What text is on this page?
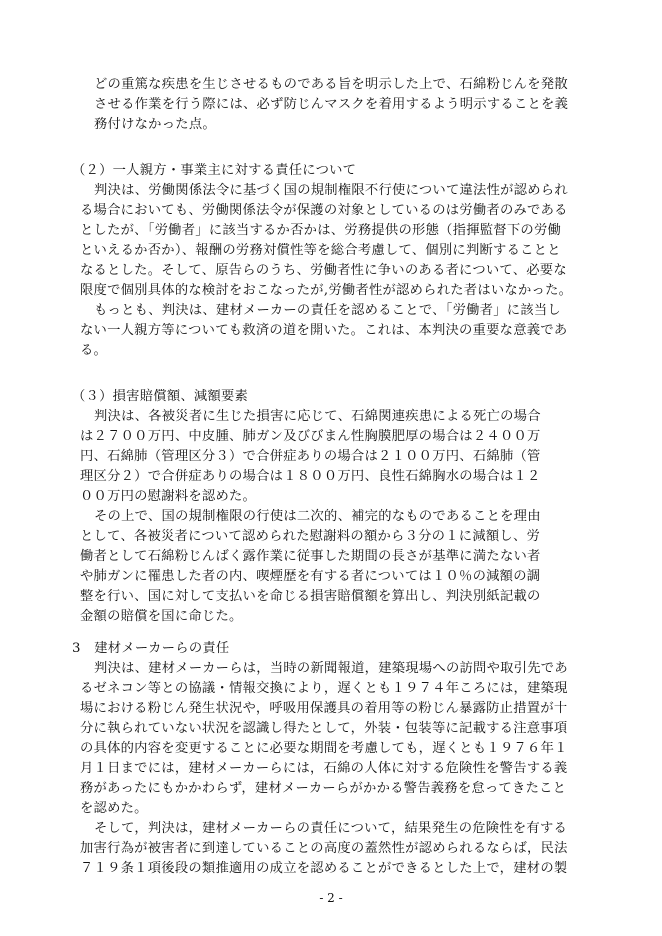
どの重篤な疾患を生じさせるものである旨を明示した上で、石綿粉じんを発散
させる作業を行う際には、必ず防じんマスクを着用するよう明示することを義
務付けなかった点。
（２）一人親方・事業主に対する責任について
判決は、労働関係法令に基づく国の規制権限不行使について違法性が認められ
る場合においても、労働関係法令が保護の対象としているのは労働者のみである
としたが、「労働者」に該当するか否かは、労務提供の形態（指揮監督下の労働
といえるか否か）、報酬の労務対償性等を総合考慮して、個別に判断することと
なるとした。そして、原告らのうち、労働者性に争いのある者について、必要な
限度で個別具体的な検討をおこなったが,労働者性が認められた者はいなかった。
もっとも、判決は、建材メーカーの責任を認めることで、「労働者」に該当し
ない一人親方等についても救済の道を開いた。これは、本判決の重要な意義であ
る。
（３）損害賠償額、減額要素
判決は、各被災者に生じた損害に応じて、石綿関連疾患による死亡の場合
は２７００万円、中皮腫、肺ガン及びびまん性胸膜肥厚の場合は２４００万
円、石綿肺（管理区分３）で合併症ありの場合は２１００万円、石綿肺（管
理区分２）で合併症ありの場合は１８００万円、良性石綿胸水の場合は１２
００万円の慰謝料を認めた。
その上で、国の規制権限の行使は二次的、補完的なものであることを理由
として、各被災者について認められた慰謝料の額から３分の１に減額し、労
働者として石綿粉じんばく露作業に従事した期間の長さが基準に満たない者
や肺ガンに罹患した者の内、喫煙歴を有する者については１０％の減額の調
整を行い、国に対して支払いを命じる損害賠償額を算出し、判決別紙記載の
金額の賠償を国に命じた。
3　建材メーカーらの責任
判決は、建材メーカーらは，当時の新聞報道，建築現場への訪問や取引先であ
るゼネコン等との協議・情報交換により，遅くとも１９７４年ころには，建築現
場における粉じん発生状況や，呼吸用保護具の着用等の粉じん暴露防止措置が十
分に執られていない状況を認識し得たとして，外装・包装等に記載する注意事項
の具体的内容を変更することに必要な期間を考慮しても，遅くとも１９７６年１
月１日までには，建材メーカーらには，石綿の人体に対する危険性を警告する義
務があったにもかかわらず，建材メーカーらがかかる警告義務を怠ってきたこと
を認めた。
そして，判決は，建材メーカーらの責任について，結果発生の危険性を有する
加害行為が被害者に到達していることの高度の蓋然性が認められるならば，民法
７１９条１項後段の類推適用の成立を認めることができるとした上で，建材の製
- 2 -
